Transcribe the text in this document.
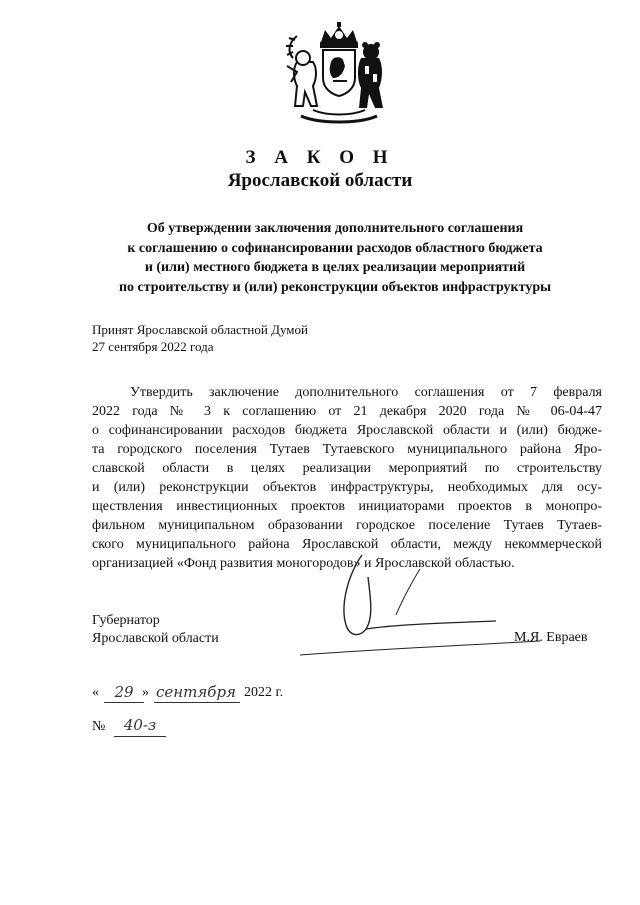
З А К О Н
Ярославской области
Об утверждении заключения дополнительного соглашения
к соглашению о софинансировании расходов областного бюджета
и (или) местного бюджета в целях реализации мероприятий
по строительству и (или) реконструкции объектов инфраструктуры
Принят Ярославской областной Думой
27 сентября 2022 года
Утвердить заключение дополнительного соглашения от 7 февраля
2022 года № 3 к соглашению от 21 декабря 2020 года № 06-04-47
о софинансировании расходов бюджета Ярославской области и (или) бюдже-
та городского поселения Тутаев Тутаевского муниципального района Яро-
славской области в целях реализации мероприятий по строительству
и (или) реконструкции объектов инфраструктуры, необходимых для осу-
ществления инвестиционных проектов инициаторами проектов в монопро-
фильном муниципальном образовании городское поселение Тутаев Тутаев-
ского муниципального района Ярославской области, между некоммерческой
организацией «Фонд развития моногородов» и Ярославской областью.
Губернатор
Ярославской области	М.Я. Евраев
«	29 » сентября 2022 г.
№	40-з
